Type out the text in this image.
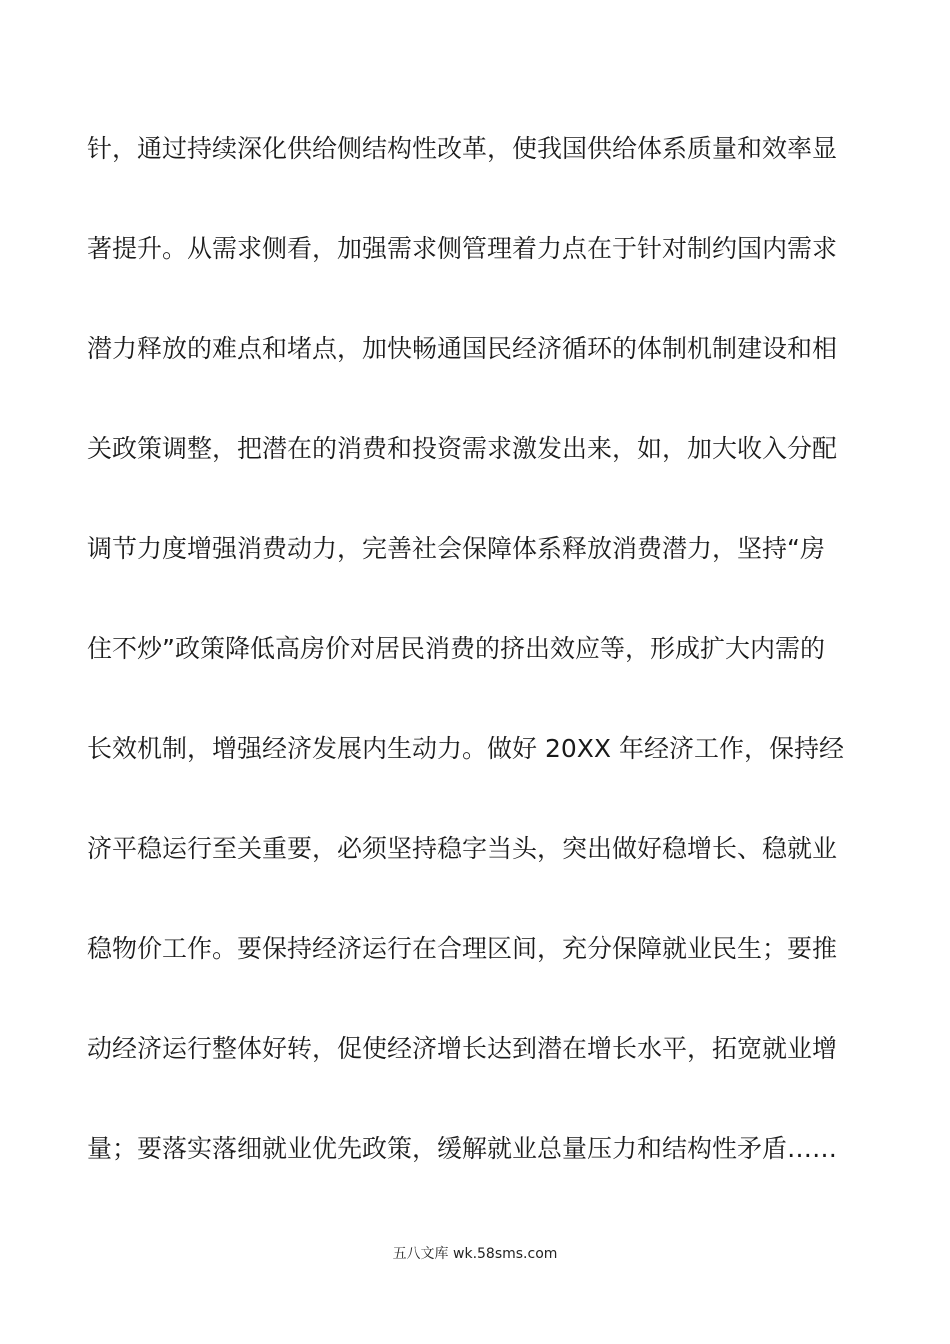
针，通过持续深化供给侧结构性改革，使我国供给体系质量和效率显
著提升。从需求侧看，加强需求侧管理着力点在于针对制约国内需求
潜力释放的难点和堵点，加快畅通国民经济循环的体制机制建设和相
关政策调整，把潜在的消费和投资需求激发出来，如，加大收入分配
调节力度增强消费动力，完善社会保障体系释放消费潜力，坚持“房
住不炒”政策降低高房价对居民消费的挤出效应等，形成扩大内需的
长效机制，增强经济发展内生动力。做好 20XX 年经济工作，保持经
济平稳运行至关重要，必须坚持稳字当头，突出做好稳增长、稳就业
稳物价工作。要保持经济运行在合理区间，充分保障就业民生；要推
动经济运行整体好转，促使经济增长达到潜在增长水平，拓宽就业增
量；要落实落细就业优先政策，缓解就业总量压力和结构性矛盾……
五八文库 wk.58sms.com
